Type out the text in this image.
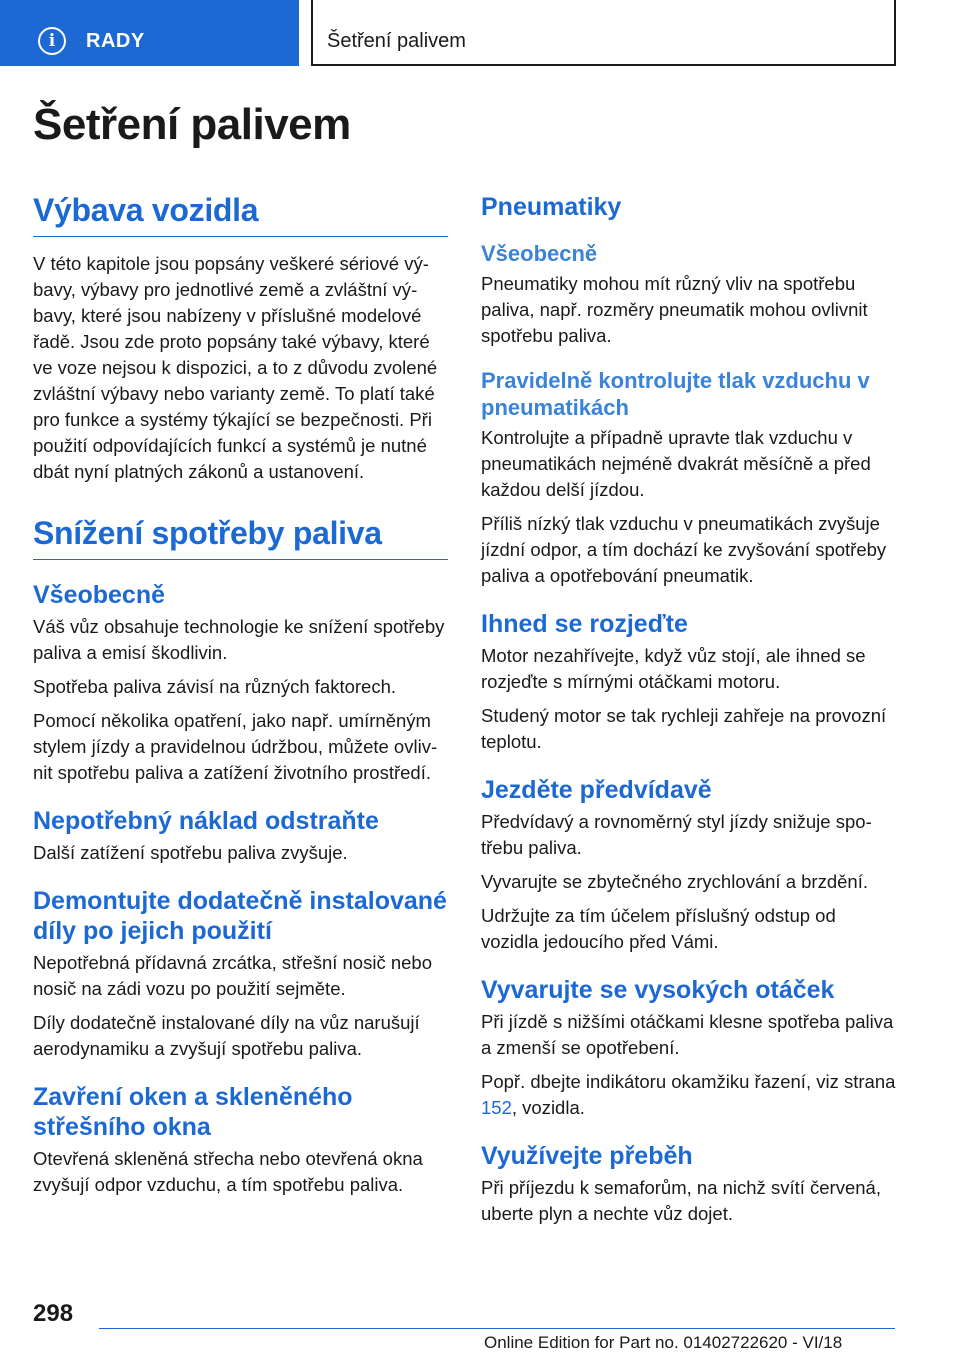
i	RADY	Šetření palivem
Šetření palivem
Výbava vozidla

V této kapitole jsou popsány veškeré sériové výbavy, výbavy pro jednotlivé země a zvláštní výbavy, které jsou nabízeny v příslušné modelové řadě. Jsou zde proto popsány také výbavy, které ve voze nejsou k dispozici, a to z důvodu zvolené zvláštní výbavy nebo varianty země. To platí také pro funkce a systémy týkající se bezpečnosti. Při použití odpovídajících funkcí a systémů je nutné dbát nyní platných zákonů a ustanovení.

Snížení spotřeby paliva
Všeobecně

Váš vůz obsahuje technologie ke snížení spotřeby paliva a emisí škodlivin.

Spotřeba paliva závisí na různých faktorech.

Pomocí několika opatření, jako např. umírněným stylem jízdy a pravidelnou údržbou, můžete ovlivnit spotřebu paliva a zatížení životního prostředí.

Nepotřebný náklad odstraňte

Další zatížení spotřebu paliva zvyšuje.

Demontujte dodatečně instalované díly po jejich použití

Nepotřebná přídavná zrcátka, střešní nosič nebo nosič na zádi vozu po použití sejměte.

Díly dodatečně instalované díly na vůz narušují aerodynamiku a zvyšují spotřebu paliva.

Zavření oken a skleněného střešního okna

Otevřená skleněná střecha nebo otevřená okna zvyšují odpor vzduchu, a tím spotřebu paliva.

Pneumatiky
Všeobecně

Pneumatiky mohou mít různý vliv na spotřebu paliva, např. rozměry pneumatik mohou ovlivnit spotřebu paliva.

Pravidelně kontrolujte tlak vzduchu v pneumatikách

Kontrolujte a případně upravte tlak vzduchu v pneumatikách nejméně dvakrát měsíčně a před každou delší jízdou.

Příliš nízký tlak vzduchu v pneumatikách zvyšuje jízdní odpor, a tím dochází ke zvyšování spotřeby paliva a opotřebování pneumatik.

Ihned se rozjeďte

Motor nezahřívejte, když vůz stojí, ale ihned se rozjeďte s mírnými otáčkami motoru.

Studený motor se tak rychleji zahřeje na provozní teplotu.

Jezděte předvídavě

Předvídavý a rovnoměrný styl jízdy snižuje spotřebu paliva.

Vyvarujte se zbytečného zrychlování a brzdění.

Udržujte za tím účelem příslušný odstup od vozidla jedoucího před Vámi.

Vyvarujte se vysokých otáček

Při jízdě s nižšími otáčkami klesne spotřeba paliva a zmenší se opotřebení.

Popř. dbejte indikátoru okamžiku řazení, viz strana 152, vozidla.

Využívejte přeběh

Při příjezdu k semaforům, na nichž svítí červená, uberte plyn a nechte vůz dojet.

298
Online Edition for Part no. 01402722620 - VI/18
